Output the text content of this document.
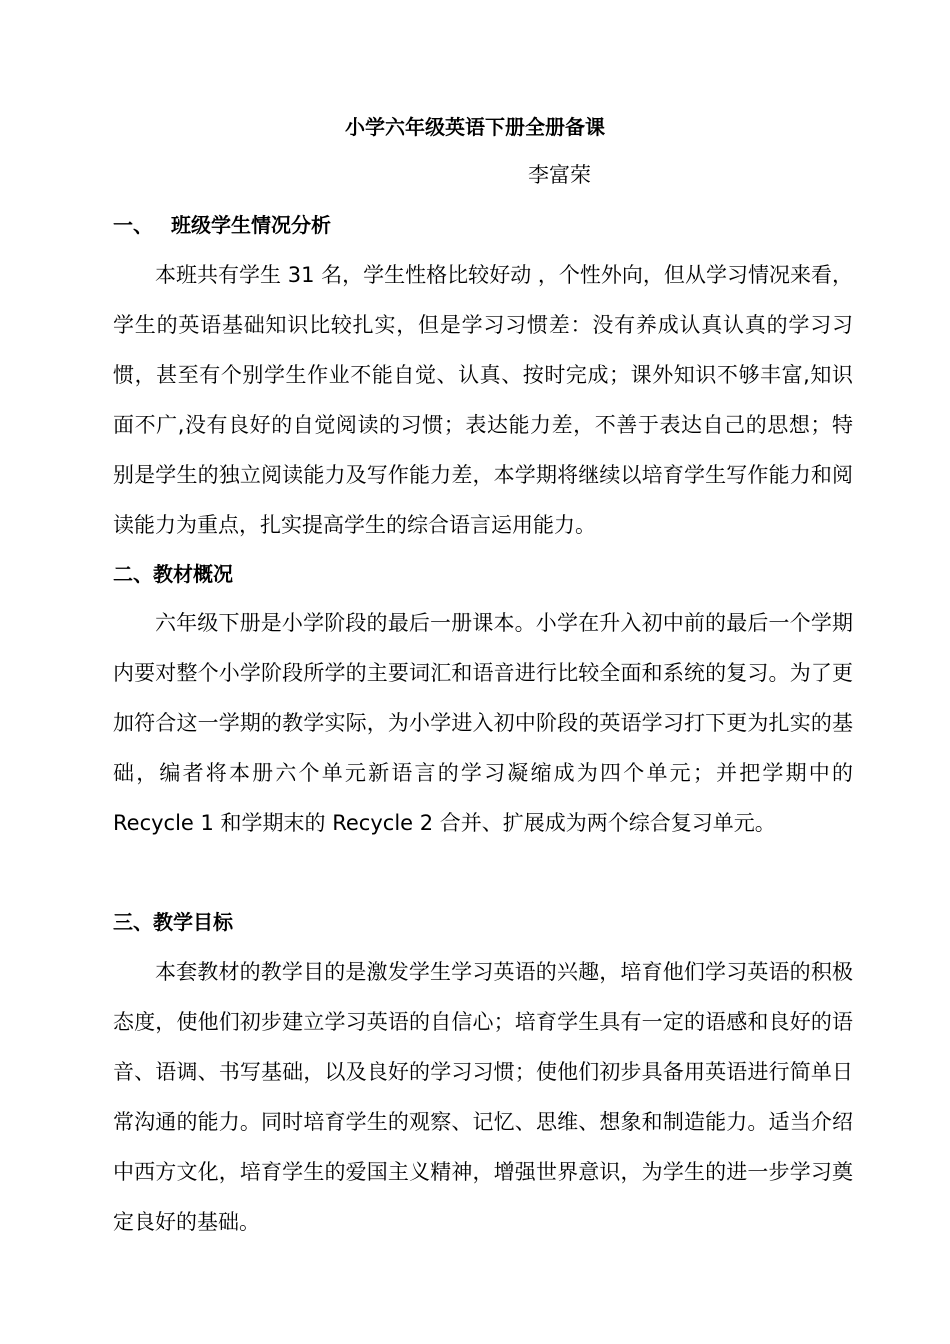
小学六年级英语下册全册备课
李富荣
一、 班级学生情况分析

本班共有学生 31 名，学生性格比较好动 ，个性外向，但从学习情况来看，学生的英语基础知识比较扎实，但是学习习惯差：没有养成认真认真的学习习惯，甚至有个别学生作业不能自觉、认真、按时完成；课外知识不够丰富,知识面不广,没有良好的自觉阅读的习惯；表达能力差，不善于表达自己的思想；特别是学生的独立阅读能力及写作能力差，本学期将继续以培育学生写作能力和阅读能力为重点，扎实提高学生的综合语言运用能力。

二、教材概况

六年级下册是小学阶段的最后一册课本。小学在升入初中前的最后一个学期内要对整个小学阶段所学的主要词汇和语音进行比较全面和系统的复习。为了更加符合这一学期的教学实际，为小学进入初中阶段的英语学习打下更为扎实的基础，编者将本册六个单元新语言的学习凝缩成为四个单元；并把学期中的 Recycle 1 和学期末的 Recycle 2 合并、扩展成为两个综合复习单元。

三、教学目标

本套教材的教学目的是激发学生学习英语的兴趣，培育他们学习英语的积极态度，使他们初步建立学习英语的自信心；培育学生具有一定的语感和良好的语音、语调、书写基础，以及良好的学习习惯；使他们初步具备用英语进行简单日常沟通的能力。同时培育学生的观察、记忆、思维、想象和制造能力。适当介绍中西方文化，培育学生的爱国主义精神，增强世界意识，为学生的进一步学习奠定良好的基础。
